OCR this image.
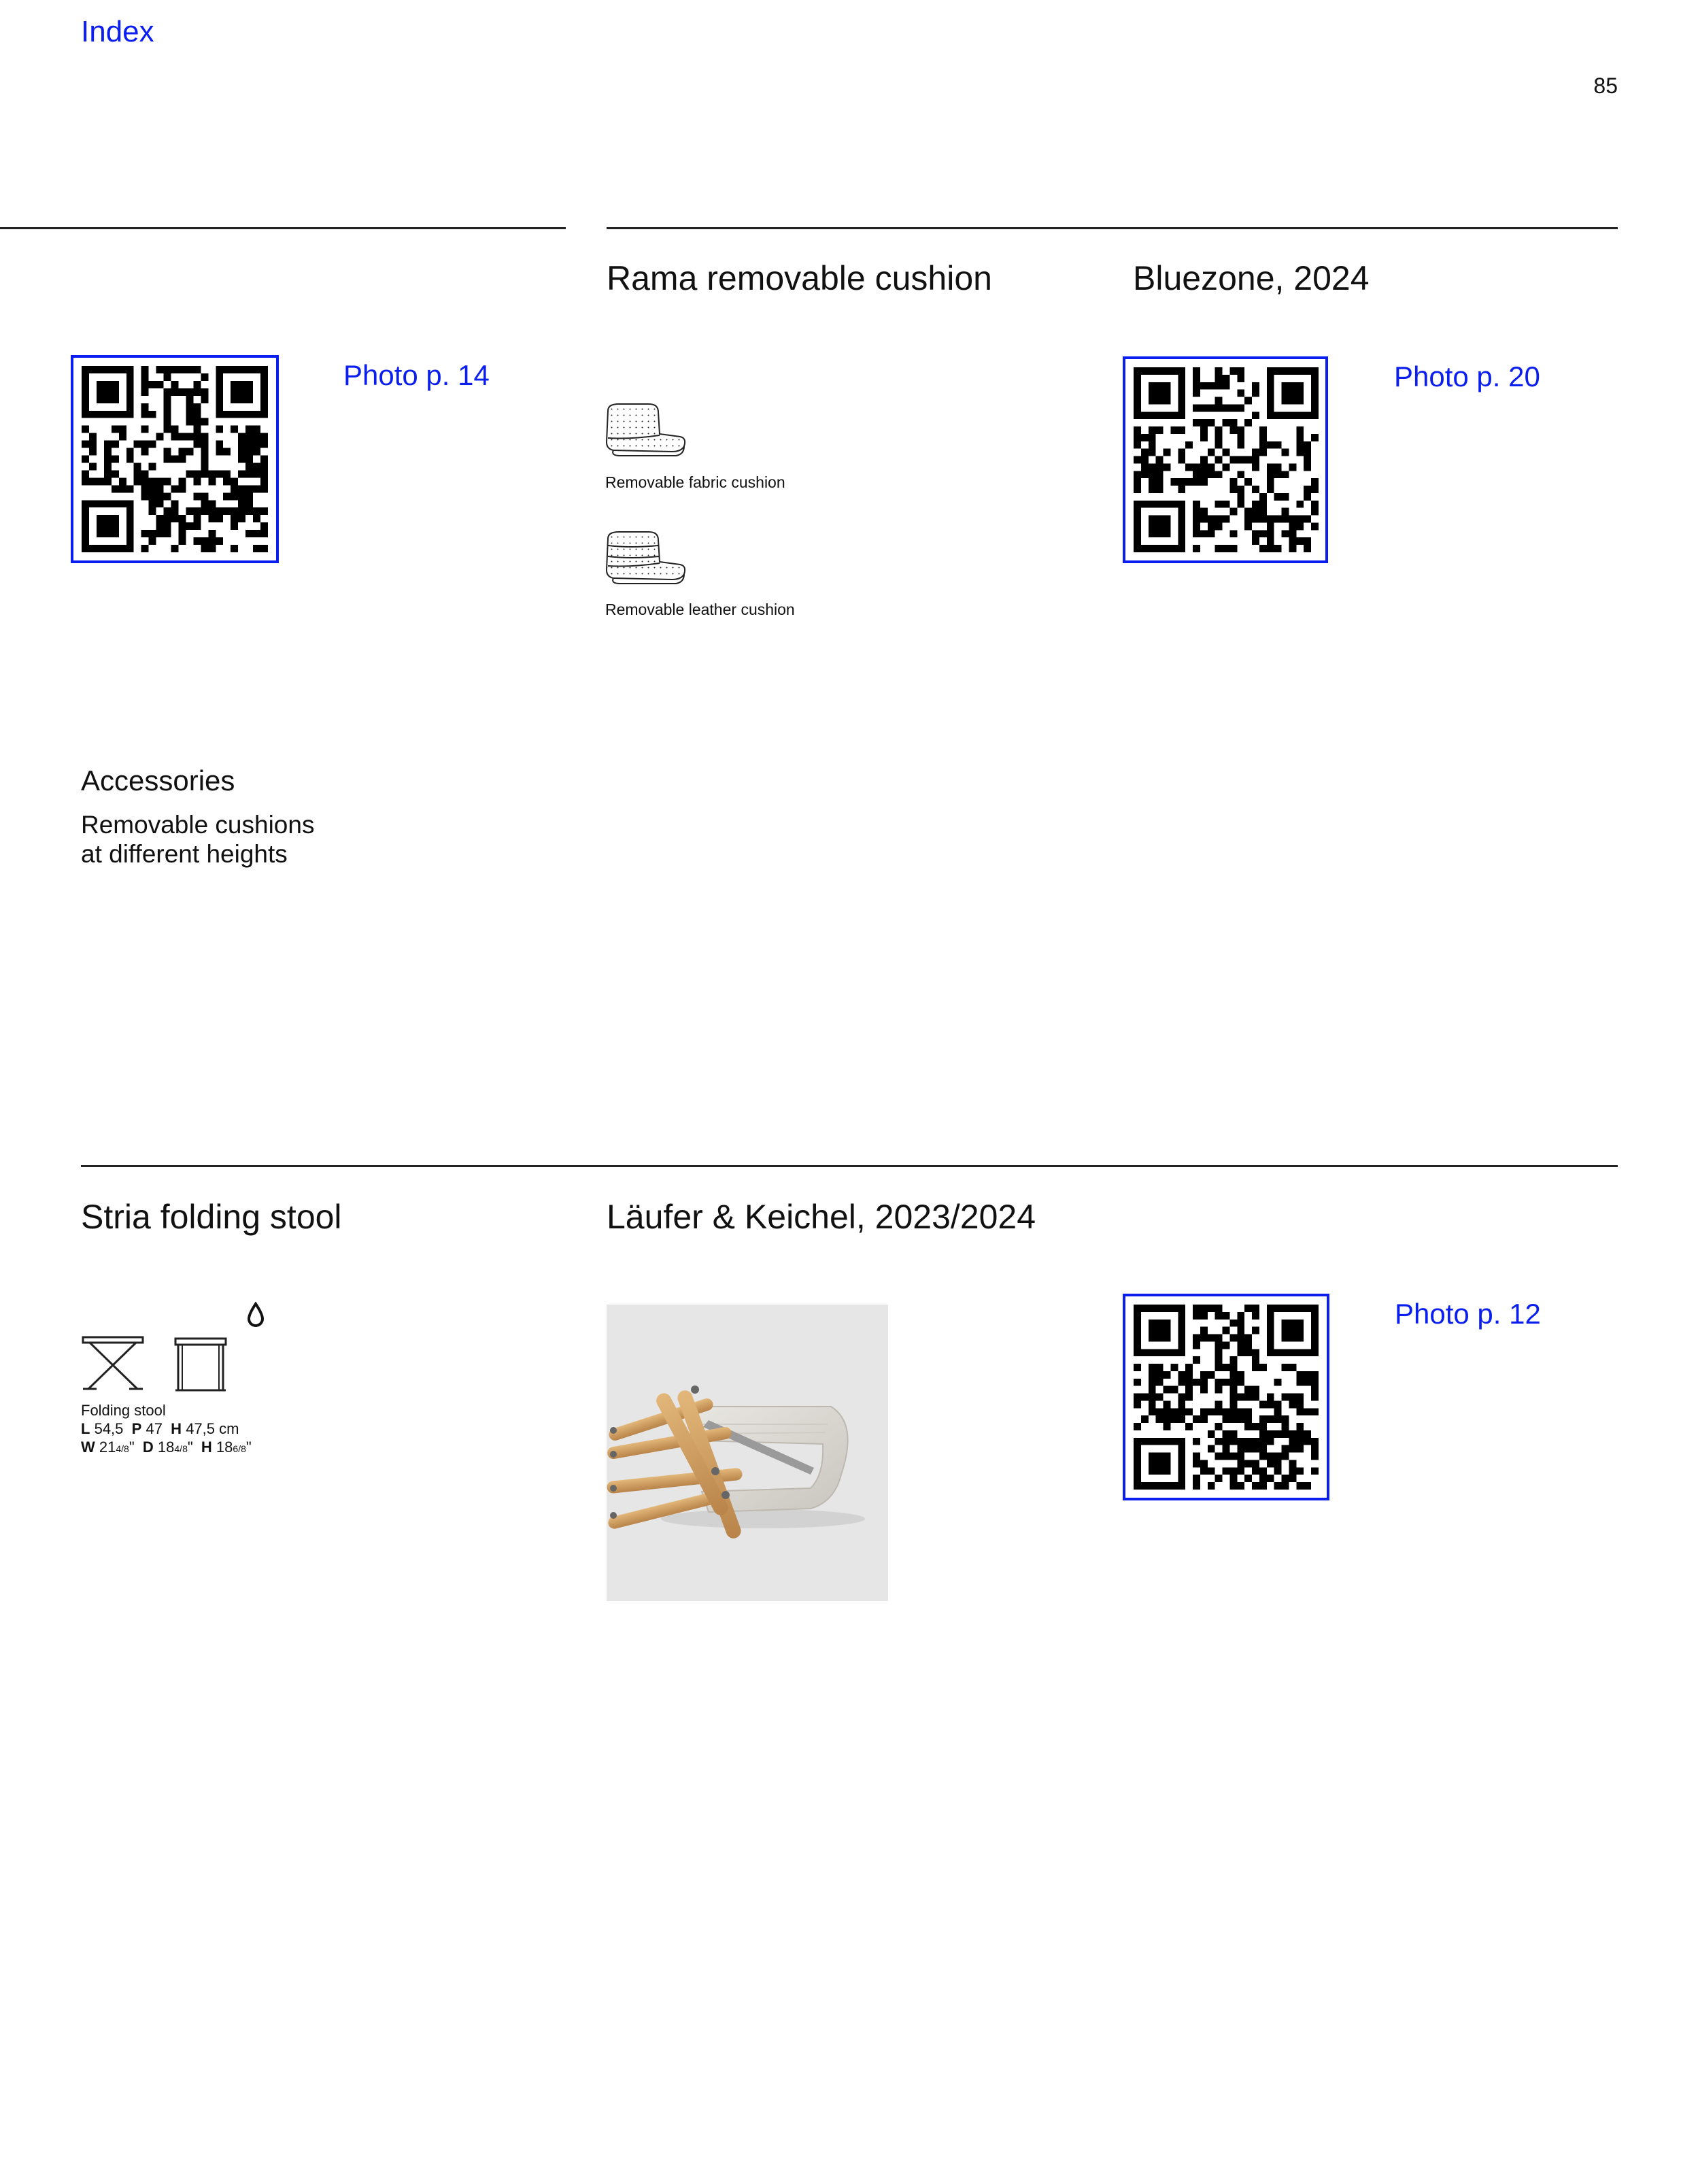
Index
85
Rama removable cushion	Bluezone, 2024
Photo p. 14	Photo p. 20
Removable fabric cushion
Removable leather cushion
Accessories
Removable cushions
at different heights
Stria folding stool	Läufer & Keichel, 2023/2024
Folding stool
L 54,5 P 47 H 47,5 cm
W 214/8" D 184/8" H 186/8"
Photo p. 12
